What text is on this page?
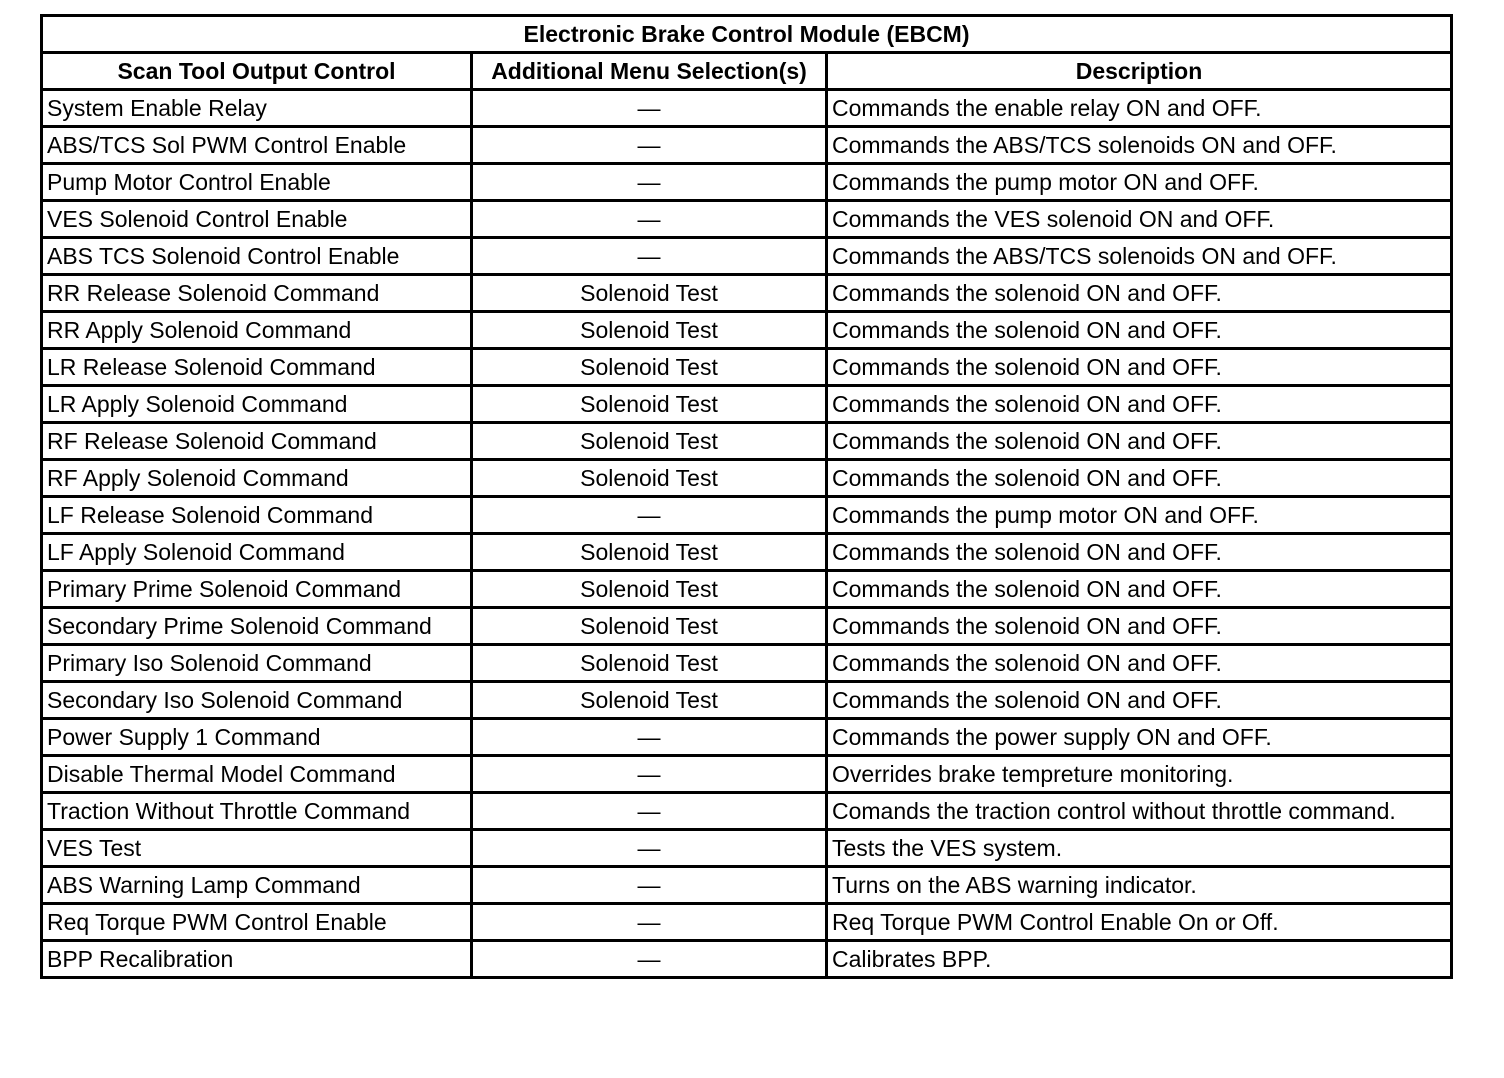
Electronic Brake Control Module (EBCM)		
Scan Tool Output Control	Additional Menu Selection(s)	Description
System Enable Relay	—	Commands the enable relay ON and OFF.
ABS/TCS Sol PWM Control Enable	—	Commands the ABS/TCS solenoids ON and OFF.
Pump Motor Control Enable	—	Commands the pump motor ON and OFF.
VES Solenoid Control Enable	—	Commands the VES solenoid ON and OFF.
ABS TCS Solenoid Control Enable	—	Commands the ABS/TCS solenoids ON and OFF.
RR Release Solenoid Command	Solenoid Test	Commands the solenoid ON and OFF.
RR Apply Solenoid Command	Solenoid Test	Commands the solenoid ON and OFF.
LR Release Solenoid Command	Solenoid Test	Commands the solenoid ON and OFF.
LR Apply Solenoid Command	Solenoid Test	Commands the solenoid ON and OFF.
RF Release Solenoid Command	Solenoid Test	Commands the solenoid ON and OFF.
RF Apply Solenoid Command	Solenoid Test	Commands the solenoid ON and OFF.
LF Release Solenoid Command	—	Commands the pump motor ON and OFF.
LF Apply Solenoid Command	Solenoid Test	Commands the solenoid ON and OFF.
Primary Prime Solenoid Command	Solenoid Test	Commands the solenoid ON and OFF.
Secondary Prime Solenoid Command	Solenoid Test	Commands the solenoid ON and OFF.
Primary Iso Solenoid Command	Solenoid Test	Commands the solenoid ON and OFF.
Secondary Iso Solenoid Command	Solenoid Test	Commands the solenoid ON and OFF.
Power Supply 1 Command	—	Commands the power supply ON and OFF.
Disable Thermal Model Command	—	Overrides brake tempreture monitoring.
Traction Without Throttle Command	—	Comands the traction control without throttle command.
VES Test	—	Tests the VES system.
ABS Warning Lamp Command	—	Turns on the ABS warning indicator.
Req Torque PWM Control Enable	—	Req Torque PWM Control Enable On or Off.
BPP Recalibration	—	Calibrates BPP.
